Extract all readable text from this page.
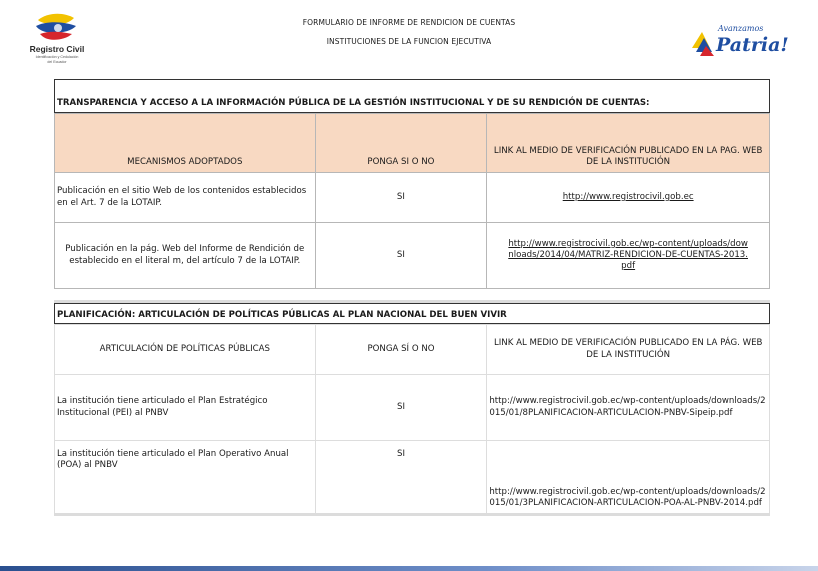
Registro Civil
Identificación y Cedulación
del Ecuador
FORMULARIO DE INFORME DE RENDICION DE CUENTAS
INSTITUCIONES DE LA FUNCION EJECUTIVA
Avanzamos
Patria!
TRANSPARENCIA Y ACCESO A LA INFORMACIÓN PÚBLICA DE LA GESTIÓN INSTITUCIONAL Y DE SU RENDICIÓN DE CUENTAS:
MECANISMOS ADOPTADOS	PONGA SI O NO	LINK AL MEDIO DE VERIFICACIÓN PUBLICADO EN LA PAG. WEB DE LA INSTITUCIÓN
Publicación en el sitio Web de los contenidos establecidos en el Art. 7 de la LOTAIP.	SI	http://www.registrocivil.gob.ec
Publicación en la pág. Web del Informe de Rendición de establecido en el literal m, del artículo 7 de la LOTAIP.	SI	http://www.registrocivil.gob.ec/wp-content/uploads/downloads/2014/04/MATRIZ-RENDICION-DE-CUENTAS-2013.pdf
PLANIFICACIÓN: ARTICULACIÓN DE POLÍTICAS PÚBLICAS AL PLAN NACIONAL DEL BUEN VIVIR
ARTICULACIÓN DE POLÍTICAS PÚBLICAS	PONGA SÍ O NO	LINK AL MEDIO DE VERIFICACIÓN PUBLICADO EN LA PÁG. WEB DE LA INSTITUCIÓN
La institución tiene articulado el Plan Estratégico Institucional (PEI) al PNBV	SI	http://www.registrocivil.gob.ec/wp-content/uploads/downloads/2015/01/8PLANIFICACION-ARTICULACION-PNBV-Sipeip.pdf
La institución tiene articulado el Plan Operativo Anual (POA) al PNBV	SI	http://www.registrocivil.gob.ec/wp-content/uploads/downloads/2015/01/3PLANIFICACION-ARTICULACION-POA-AL-PNBV-2014.pdf
